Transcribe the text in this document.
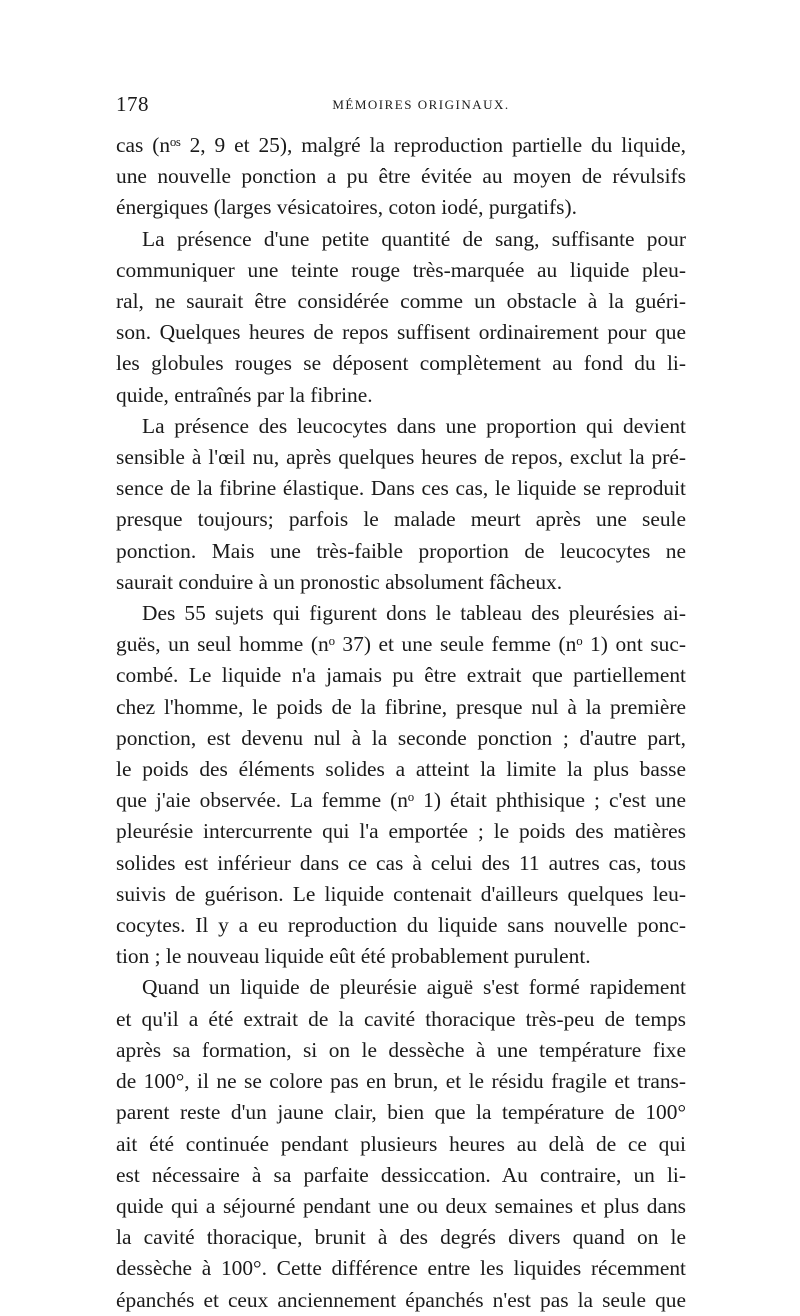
178	MÉMOIRES ORIGINAUX.

cas (nᵒˢ 2, 9 et 25), malgré la reproduction partielle du liquide,
une nouvelle ponction a pu être évitée au moyen de révulsifs
énergiques (larges vésicatoires, coton iodé, purgatifs).

La présence d'une petite quantité de sang, suffisante pour
communiquer une teinte rouge très-marquée au liquide pleu-
ral, ne saurait être considérée comme un obstacle à la guéri-
son. Quelques heures de repos suffisent ordinairement pour que
les globules rouges se déposent complètement au fond du li-
quide, entraînés par la fibrine.

La présence des leucocytes dans une proportion qui devient
sensible à l'œil nu, après quelques heures de repos, exclut la pré-
sence de la fibrine élastique. Dans ces cas, le liquide se reproduit
presque toujours; parfois le malade meurt après une seule
ponction. Mais une très-faible proportion de leucocytes ne
saurait conduire à un pronostic absolument fâcheux.

Des 55 sujets qui figurent dons le tableau des pleurésies ai-
guës, un seul homme (nᵒ 37) et une seule femme (nᵒ 1) ont suc-
combé. Le liquide n'a jamais pu être extrait que partiellement
chez l'homme, le poids de la fibrine, presque nul à la première
ponction, est devenu nul à la seconde ponction ; d'autre part,
le poids des éléments solides a atteint la limite la plus basse
que j'aie observée. La femme (nᵒ 1) était phthisique ; c'est une
pleurésie intercurrente qui l'a emportée ; le poids des matières
solides est inférieur dans ce cas à celui des 11 autres cas, tous
suivis de guérison. Le liquide contenait d'ailleurs quelques leu-
cocytes. Il y a eu reproduction du liquide sans nouvelle ponc-
tion ; le nouveau liquide eût été probablement purulent.

Quand un liquide de pleurésie aiguë s'est formé rapidement
et qu'il a été extrait de la cavité thoracique très-peu de temps
après sa formation, si on le dessèche à une température fixe
de 100°, il ne se colore pas en brun, et le résidu fragile et trans-
parent reste d'un jaune clair, bien que la température de 100°
ait été continuée pendant plusieurs heures au delà de ce qui
est nécessaire à sa parfaite dessiccation. Au contraire, un li-
quide qui a séjourné pendant une ou deux semaines et plus dans
la cavité thoracique, brunit à des degrés divers quand on le
dessèche à 100°. Cette différence entre les liquides récemment
épanchés et ceux anciennement épanchés n'est pas la seule que
